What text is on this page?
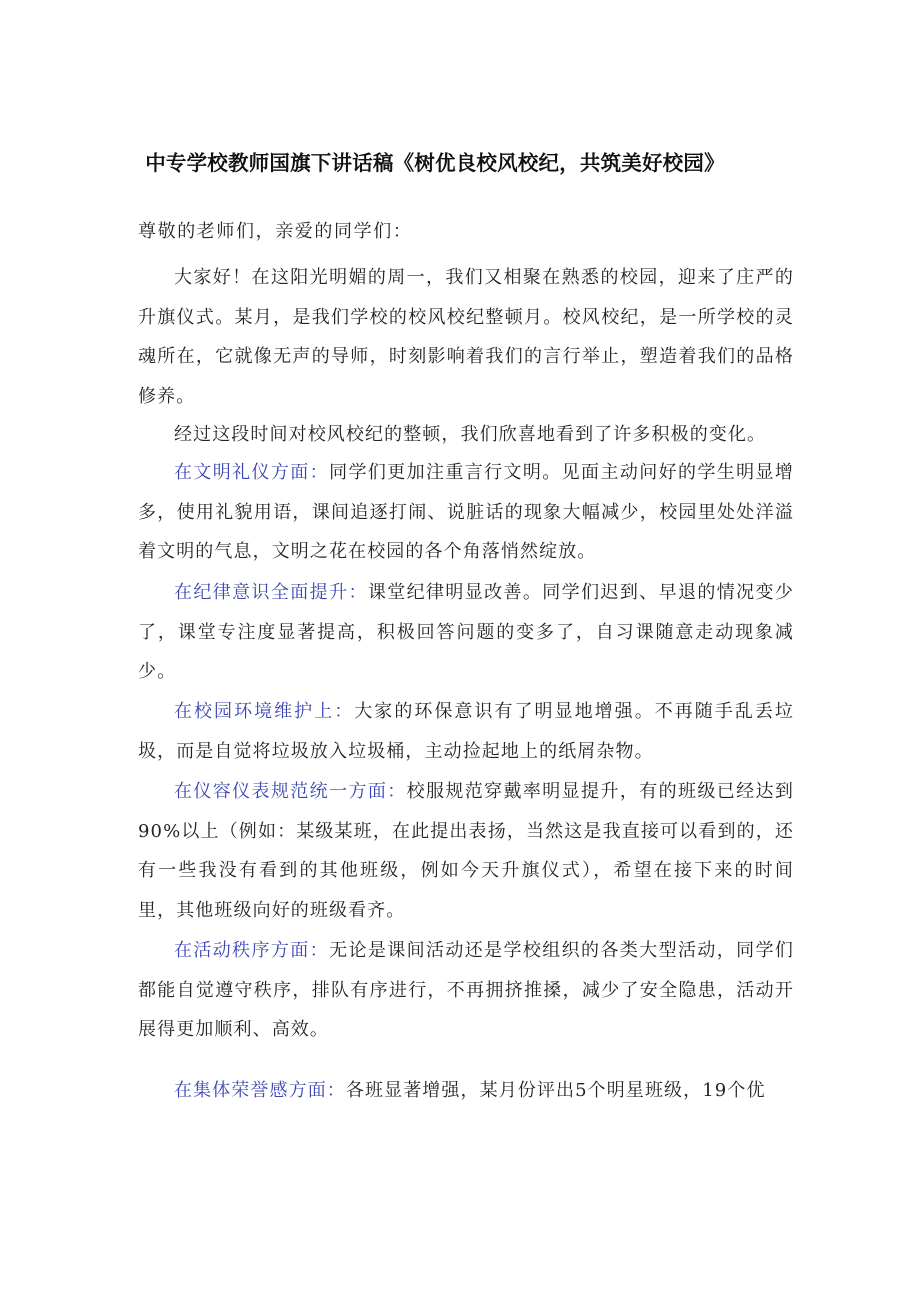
中专学校教师国旗下讲话稿《树优良校风校纪，共筑美好校园》
尊敬的老师们，亲爱的同学们：

大家好！在这阳光明媚的周一，我们又相聚在熟悉的校园，迎来了庄严的升旗仪式。某月，是我们学校的校风校纪整顿月。校风校纪，是一所学校的灵魂所在，它就像无声的导师，时刻影响着我们的言行举止，塑造着我们的品格修养。

经过这段时间对校风校纪的整顿，我们欣喜地看到了许多积极的变化。

在文明礼仪方面：同学们更加注重言行文明。见面主动问好的学生明显增多，使用礼貌用语，课间追逐打闹、说脏话的现象大幅减少，校园里处处洋溢着文明的气息，文明之花在校园的各个角落悄然绽放。

在纪律意识全面提升：课堂纪律明显改善。同学们迟到、早退的情况变少了，课堂专注度显著提高，积极回答问题的变多了，自习课随意走动现象减少。

在校园环境维护上：大家的环保意识有了明显地增强。不再随手乱丢垃圾，而是自觉将垃圾放入垃圾桶，主动捡起地上的纸屑杂物。

在仪容仪表规范统一方面：校服规范穿戴率明显提升，有的班级已经达到90%以上（例如：某级某班，在此提出表扬，当然这是我直接可以看到的，还有一些我没有看到的其他班级，例如今天升旗仪式），希望在接下来的时间里，其他班级向好的班级看齐。

在活动秩序方面：无论是课间活动还是学校组织的各类大型活动，同学们都能自觉遵守秩序，排队有序进行，不再拥挤推搡，减少了安全隐患，活动开展得更加顺利、高效。

在集体荣誉感方面：各班显著增强，某月份评出5个明星班级，19个优
